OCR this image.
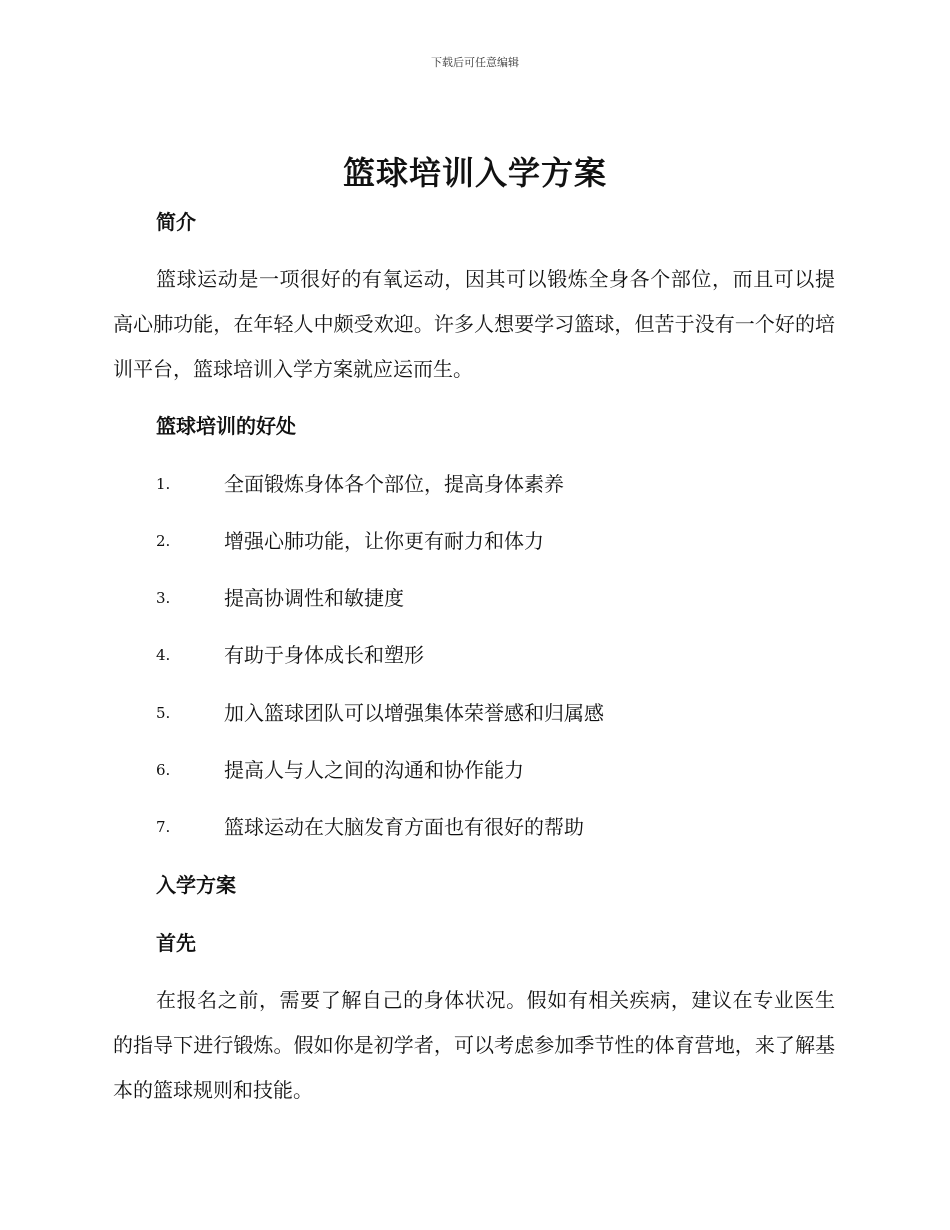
下载后可任意编辑
篮球培训入学方案
简介

篮球运动是一项很好的有氧运动，因其可以锻炼全身各个部位，而且可以提高心肺功能，在年轻人中颇受欢迎。许多人想要学习篮球，但苦于没有一个好的培训平台，篮球培训入学方案就应运而生。

篮球培训的好处
1.	全面锻炼身体各个部位，提高身体素养
2.	增强心肺功能，让你更有耐力和体力
3.	提高协调性和敏捷度
4.	有助于身体成长和塑形
5.	加入篮球团队可以增强集体荣誉感和归属感
6.	提高人与人之间的沟通和协作能力
7.	篮球运动在大脑发育方面也有很好的帮助
入学方案
首先

在报名之前，需要了解自己的身体状况。假如有相关疾病，建议在专业医生的指导下进行锻炼。假如你是初学者，可以考虑参加季节性的体育营地，来了解基本的篮球规则和技能。
